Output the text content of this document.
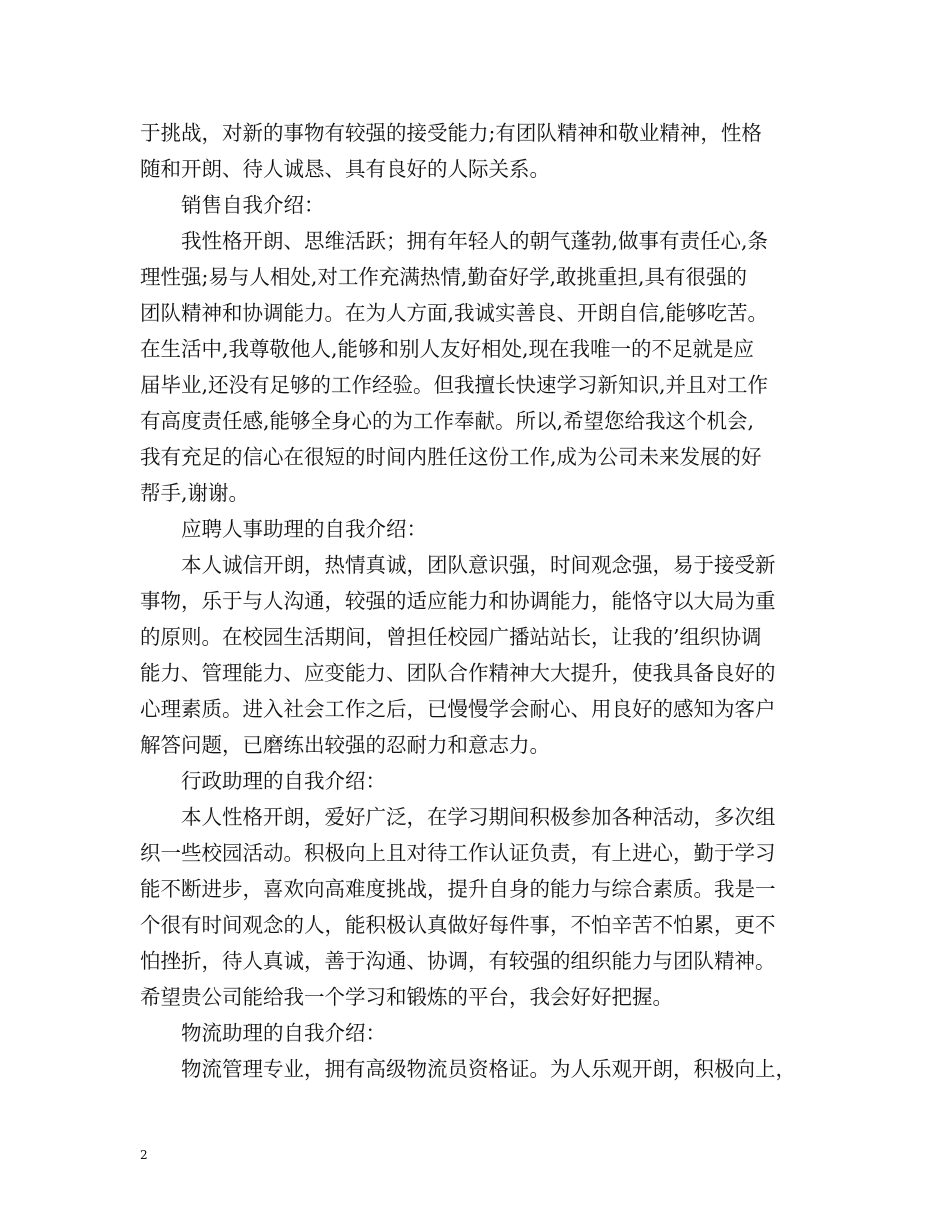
于挑战，对新的事物有较强的接受能力;有团队精神和敬业精神，性格
随和开朗、待人诚恳、具有良好的人际关系。
销售自我介绍：
我性格开朗、思维活跃；拥有年轻人的朝气蓬勃,做事有责任心,条
理性强;易与人相处,对工作充满热情,勤奋好学,敢挑重担,具有很强的
团队精神和协调能力。在为人方面,我诚实善良、开朗自信,能够吃苦。
在生活中,我尊敬他人,能够和别人友好相处,现在我唯一的不足就是应
届毕业,还没有足够的工作经验。但我擅长快速学习新知识,并且对工作
有高度责任感,能够全身心的为工作奉献。所以,希望您给我这个机会,
我有充足的信心在很短的时间内胜任这份工作,成为公司未来发展的好
帮手,谢谢。
应聘人事助理的自我介绍：
本人诚信开朗，热情真诚，团队意识强，时间观念强，易于接受新
事物，乐于与人沟通，较强的适应能力和协调能力，能恪守以大局为重
的原则。在校园生活期间，曾担任校园广播站站长，让我的’组织协调
能力、管理能力、应变能力、团队合作精神大大提升，使我具备良好的
心理素质。进入社会工作之后，已慢慢学会耐心、用良好的感知为客户
解答问题，已磨练出较强的忍耐力和意志力。
行政助理的自我介绍：
本人性格开朗，爱好广泛，在学习期间积极参加各种活动，多次组
织一些校园活动。积极向上且对待工作认证负责，有上进心，勤于学习
能不断进步，喜欢向高难度挑战，提升自身的能力与综合素质。我是一
个很有时间观念的人，能积极认真做好每件事，不怕辛苦不怕累，更不
怕挫折，待人真诚，善于沟通、协调，有较强的组织能力与团队精神。
希望贵公司能给我一个学习和锻炼的平台，我会好好把握。
物流助理的自我介绍：
物流管理专业，拥有高级物流员资格证。为人乐观开朗，积极向上，
2
